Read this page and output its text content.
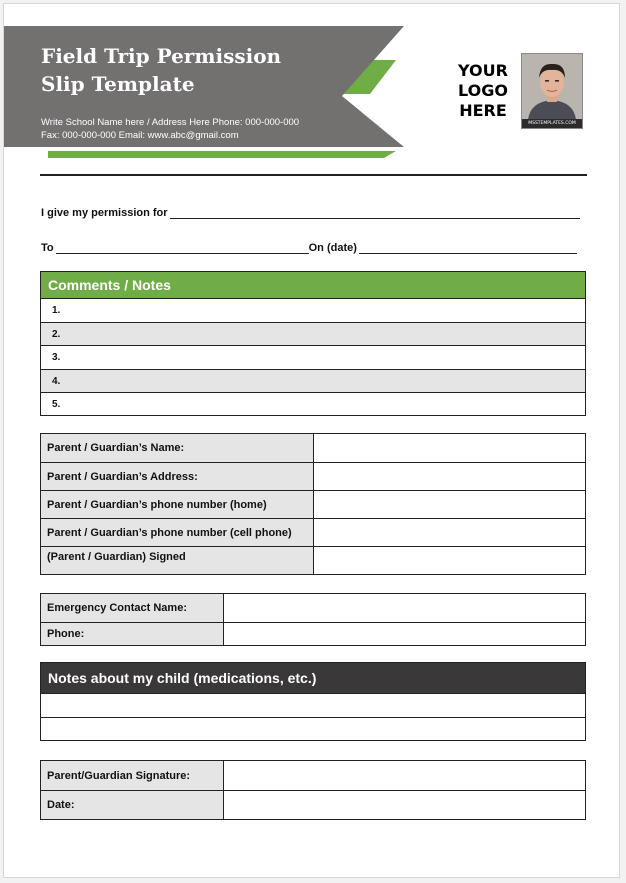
Field Trip Permission
Slip Template
Write School Name here / Address Here Phone: 000-000-000
Fax: 000-000-000 Email: www.abc@gmail.com
YOUR
LOGO
HERE
MSSTEMPLATES.COM
I give my permission for
To	On (date)
Comments / Notes
1.
2.
3.
4.
5.
Parent / Guardian’s Name:	
Parent / Guardian’s Address:	
Parent / Guardian’s phone number (home)	
Parent / Guardian’s phone number (cell phone)	
(Parent / Guardian) Signed	
Emergency Contact Name:	
Phone:	
Notes about my child (medications, etc.)

Parent/Guardian Signature:	
Date:	
